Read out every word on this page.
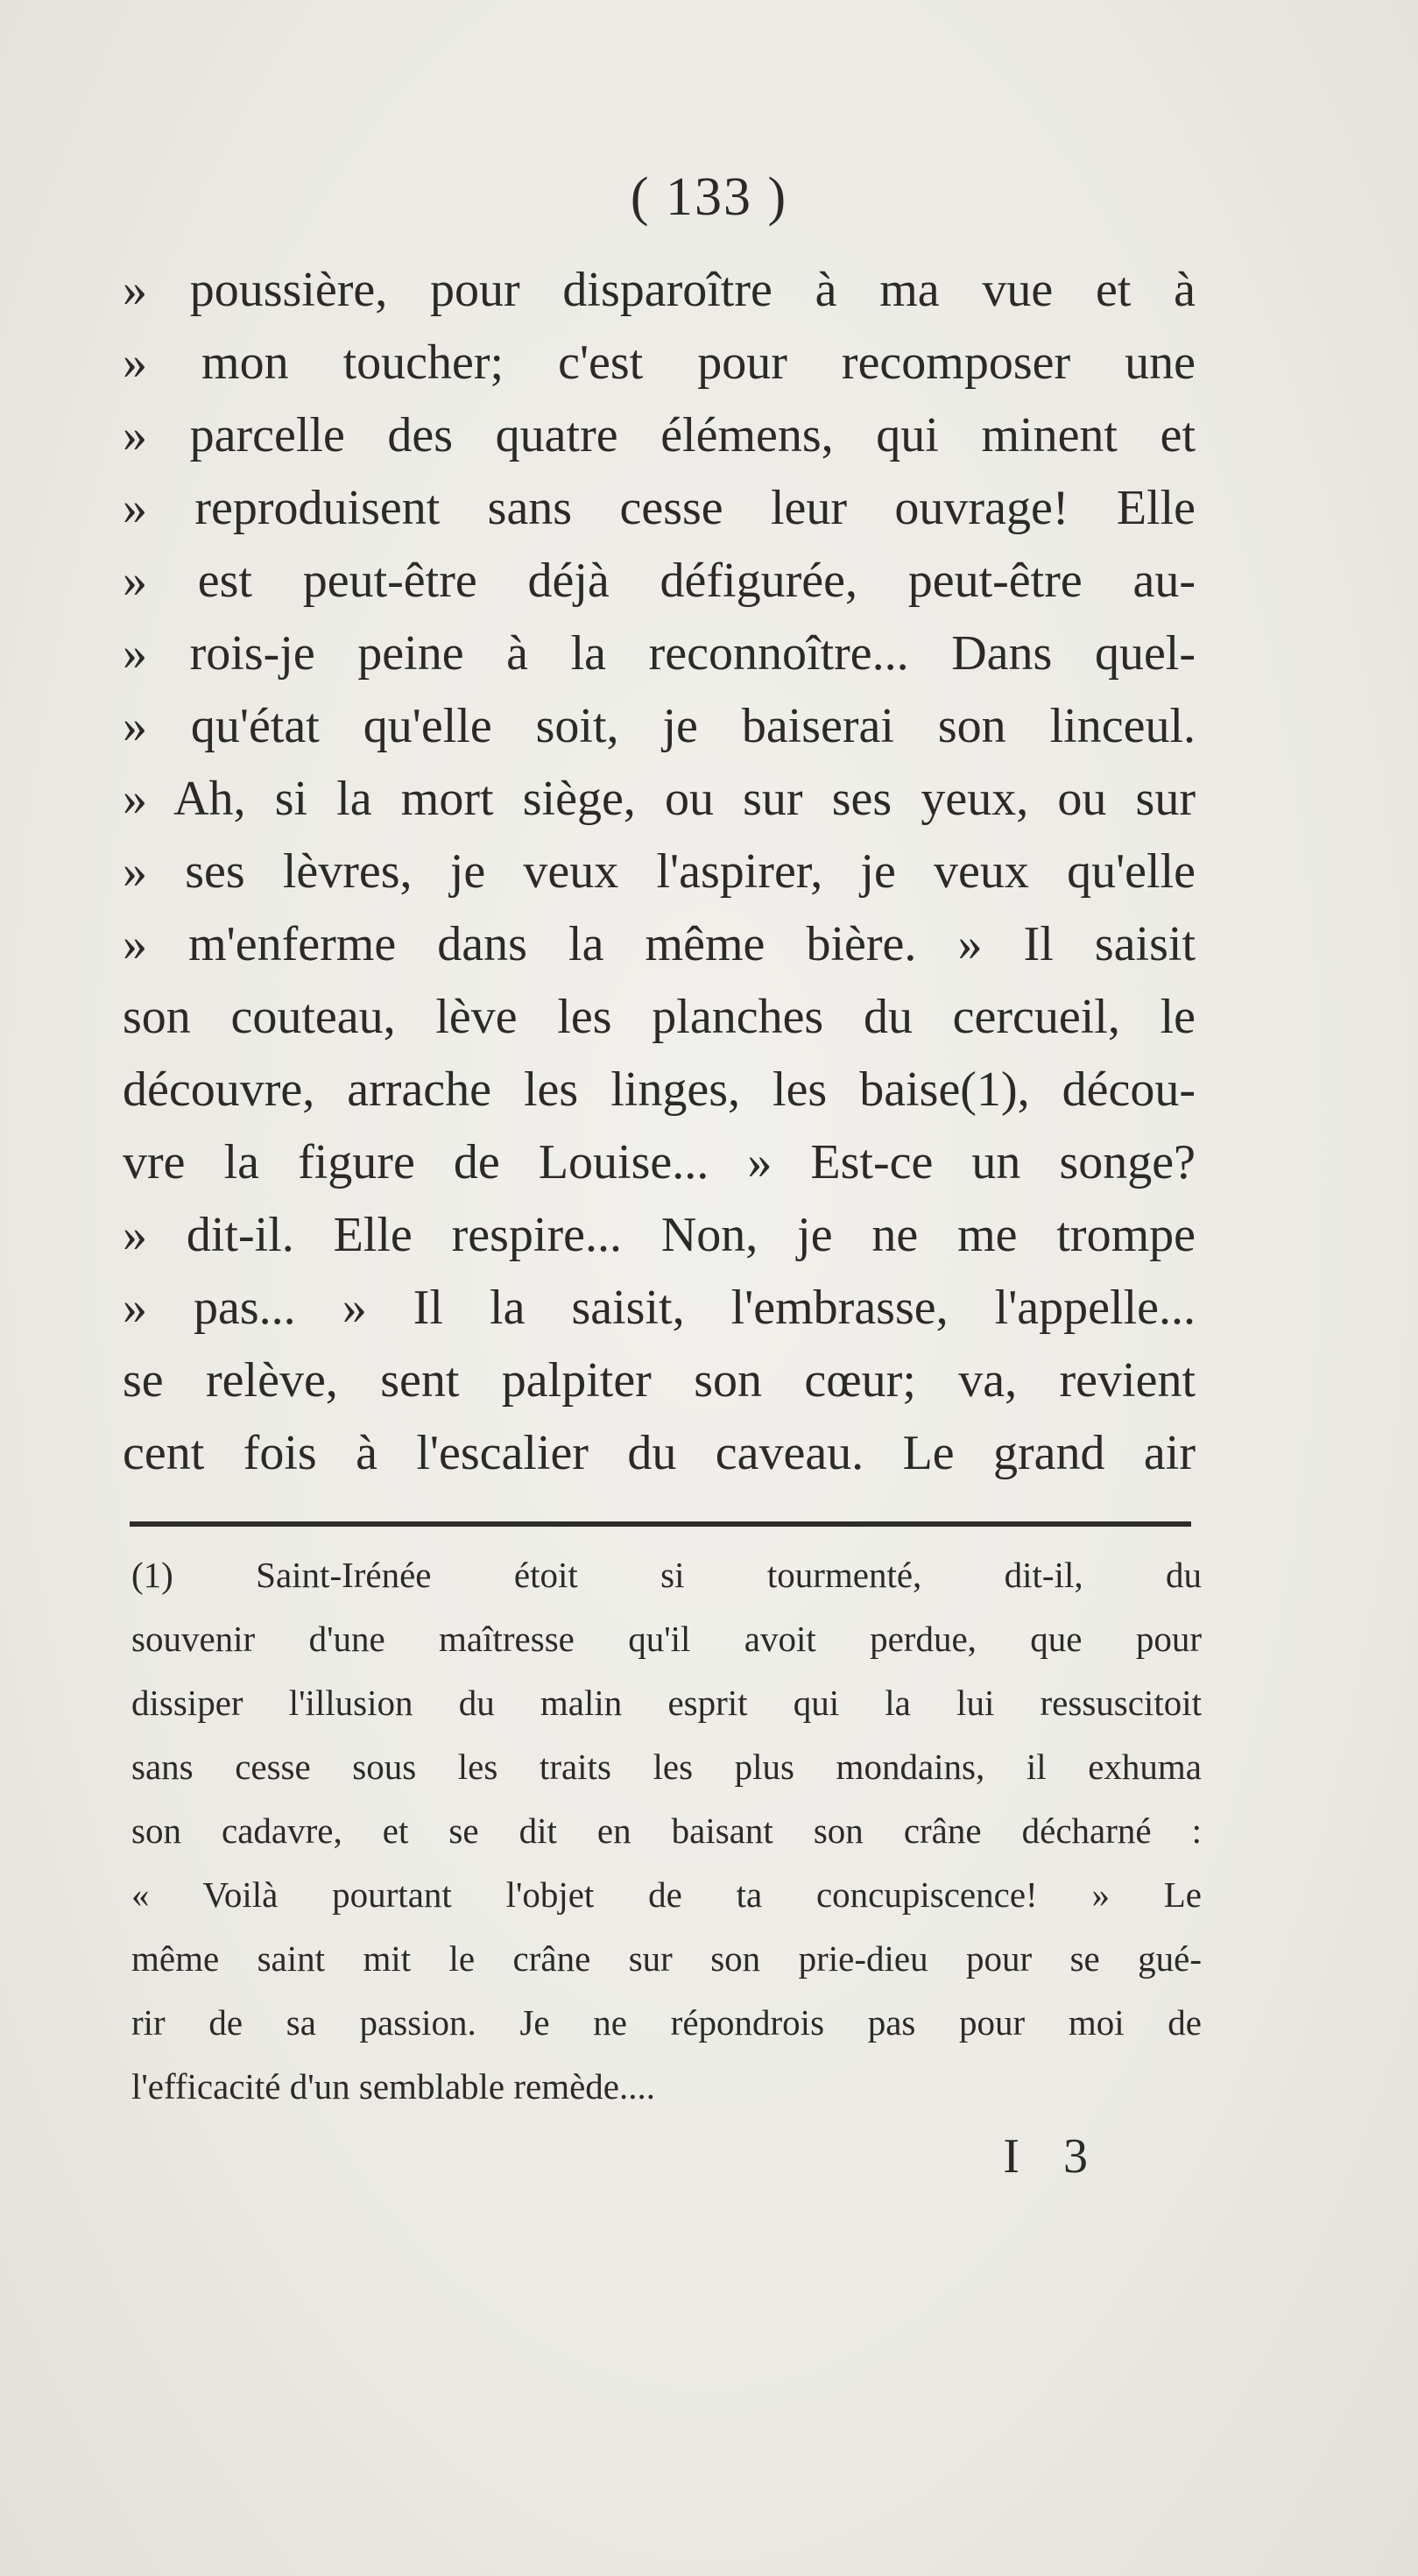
( 133 )
» poussière, pour disparoître à ma vue et à
» mon toucher; c'est pour recomposer une
» parcelle des quatre élémens, qui minent et
» reproduisent sans cesse leur ouvrage! Elle
» est peut-être déjà défigurée, peut-être au-
» rois-je peine à la reconnoître... Dans quel-
» qu'état qu'elle soit, je baiserai son linceul.
» Ah, si la mort siège, ou sur ses yeux, ou sur
» ses lèvres, je veux l'aspirer, je veux qu'elle
» m'enferme dans la même bière. » Il saisit
son couteau, lève les planches du cercueil, le
découvre, arrache les linges, les baise(1), décou-
vre la figure de Louise... » Est-ce un songe?
» dit-il. Elle respire... Non, je ne me trompe
» pas... » Il la saisit, l'embrasse, l'appelle...
se relève, sent palpiter son cœur; va, revient
cent fois à l'escalier du caveau. Le grand air
(1) Saint-Irénée étoit si tourmenté, dit-il, du
souvenir d'une maîtresse qu'il avoit perdue, que pour
dissiper l'illusion du malin esprit qui la lui ressuscitoit
sans cesse sous les traits les plus mondains, il exhuma
son cadavre, et se dit en baisant son crâne décharné :
« Voilà pourtant l'objet de ta concupiscence! » Le
même saint mit le crâne sur son prie-dieu pour se gué-
rir de sa passion. Je ne répondrois pas pour moi de
l'efficacité d'un semblable remède....
I 3
